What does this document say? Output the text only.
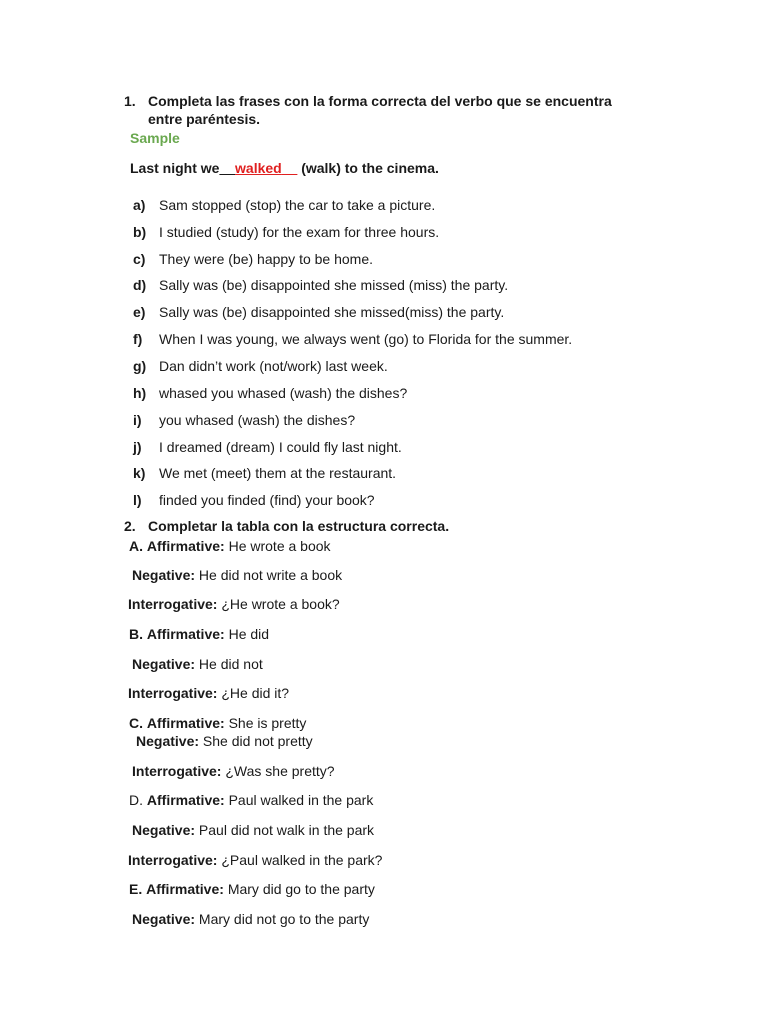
1. Completa las frases con la forma correcta del verbo que se encuentra
entre paréntesis.
Sample
Last night we__walked__ (walk) to the cinema.
a) Sam stopped (stop) the car to take a picture.
b) I studied (study) for the exam for three hours.
c) They were (be) happy to be home.
d) Sally was (be) disappointed she missed (miss) the party.
e) Sally was (be) disappointed she missed(miss) the party.
f) When I was young, we always went (go) to Florida for the summer.
g) Dan didn’t work (not/work) last week.
h) whased you whased (wash) the dishes?
i) you whased (wash) the dishes?
j) I dreamed (dream) I could fly last night.
k) We met (meet) them at the restaurant.
l) finded you finded (find) your book?
2. Completar la tabla con la estructura correcta.
A. Affirmative: He wrote a book
Negative: He did not write a book
Interrogative: ¿He wrote a book?
B. Affirmative: He did
Negative: He did not
Interrogative: ¿He did it?
C. Affirmative: She is pretty
Negative: She did not pretty
Interrogative: ¿Was she pretty?
D. Affirmative: Paul walked in the park
Negative: Paul did not walk in the park
Interrogative: ¿Paul walked in the park?
E. Affirmative: Mary did go to the party
Negative: Mary did not go to the party
